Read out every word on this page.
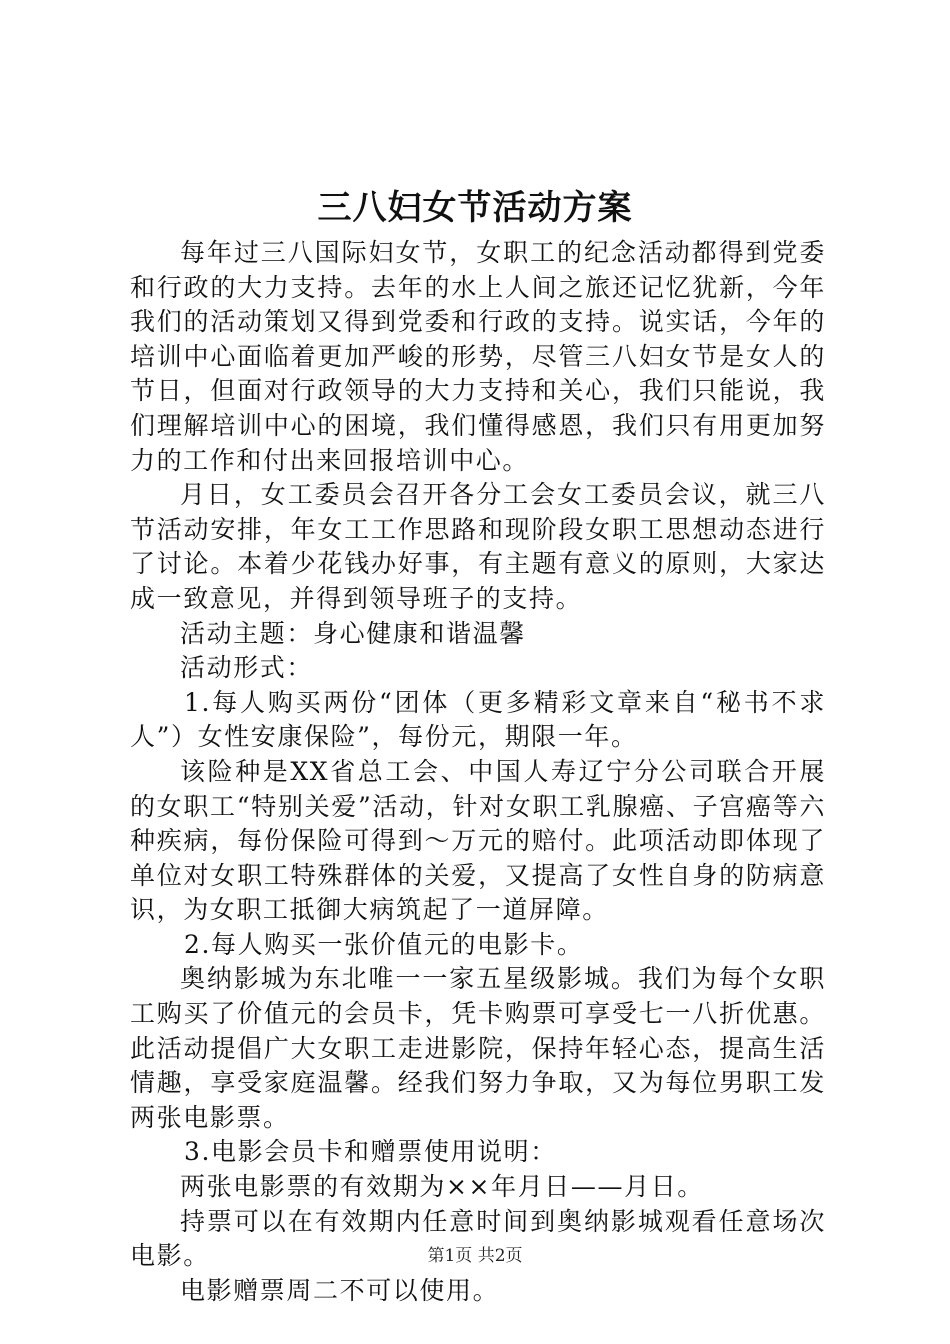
三八妇女节活动方案

每年过三八国际妇女节，女职工的纪念活动都得到党委和行政的大力支持。去年的水上人间之旅还记忆犹新，今年我们的活动策划又得到党委和行政的支持。说实话，今年的培训中心面临着更加严峻的形势，尽管三八妇女节是女人的节日，但面对行政领导的大力支持和关心，我们只能说，我们理解培训中心的困境，我们懂得感恩，我们只有用更加努力的工作和付出来回报培训中心。

月日，女工委员会召开各分工会女工委员会议，就三八节活动安排，年女工工作思路和现阶段女职工思想动态进行了讨论。本着少花钱办好事，有主题有意义的原则，大家达成一致意见，并得到领导班子的支持。

活动主题：身心健康和谐温馨

活动形式：

1.每人购买两份“团体（更多精彩文章来自“秘书不求人”）女性安康保险”，每份元，期限一年。

该险种是XX省总工会、中国人寿辽宁分公司联合开展的女职工“特别关爱”活动，针对女职工乳腺癌、子宫癌等六种疾病，每份保险可得到～万元的赔付。此项活动即体现了单位对女职工特殊群体的关爱，又提高了女性自身的防病意识，为女职工抵御大病筑起了一道屏障。

2.每人购买一张价值元的电影卡。

奥纳影城为东北唯一一家五星级影城。我们为每个女职工购买了价值元的会员卡，凭卡购票可享受七一八折优惠。此活动提倡广大女职工走进影院，保持年轻心态，提高生活情趣，享受家庭温馨。经我们努力争取，又为每位男职工发两张电影票。

3.电影会员卡和赠票使用说明：

两张电影票的有效期为××年月日——月日。

持票可以在有效期内任意时间到奥纳影城观看任意场次电影。

电影赠票周二不可以使用。

第1页 共2页
